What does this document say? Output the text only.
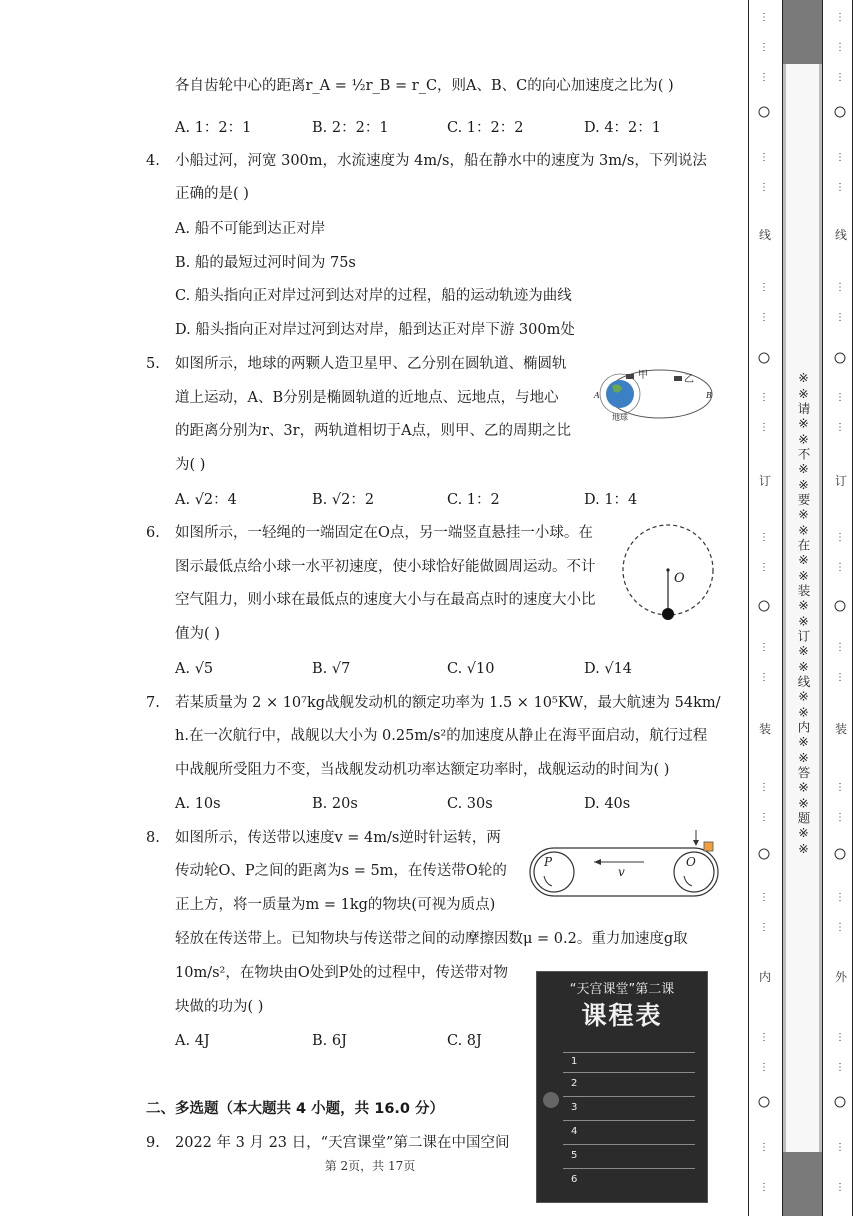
各自齿轮中心的距离r_A = ½r_B = r_C，则A、B、C的向心加速度之比为( )
A. 1：2：1	B. 2：2：1	C. 1：2：2	D. 4：2：1
4. 小船过河，河宽 300m，水流速度为 4m/s，船在静水中的速度为 3m/s，下列说法
正确的是( )
A. 船不可能到达正对岸
B. 船的最短过河时间为 75s
C. 船头指向正对岸过河到达对岸的过程，船的运动轨迹为曲线
D. 船头指向正对岸过河到达对岸，船到达正对岸下游 300m处
5. 如图所示，地球的两颗人造卫星甲、乙分别在圆轨道、椭圆轨
道上运动，A、B分别是椭圆轨道的近地点、远地点，与地心
的距离分别为r、3r，两轨道相切于A点，则甲、乙的周期之比
为( )
A. √2：4	B. √2：2	C. 1：2	D. 1：4
甲	乙
地球
A	B
6. 如图所示，一轻绳的一端固定在O点，另一端竖直悬挂一小球。在
图示最低点给小球一水平初速度，使小球恰好能做圆周运动。不计
空气阻力，则小球在最低点的速度大小与在最高点时的速度大小比
值为( )
A. √5	B. √7	C. √10	D. √14
O
7. 若某质量为 2 × 10⁷kg战舰发动机的额定功率为 1.5 × 10⁵KW，最大航速为 54km/
h.在一次航行中，战舰以大小为 0.25m/s²的加速度从静止在海平面启动，航行过程
中战舰所受阻力不变，当战舰发动机功率达额定功率时，战舰运动的时间为( )
A. 10s	B. 20s	C. 30s	D. 40s
8. 如图所示，传送带以速度v = 4m/s逆时针运转，两
传动轮O、P之间的距离为s = 5m，在传送带O轮的
正上方，将一质量为m = 1kg的物块(可视为质点)
轻放在传送带上。已知物块与传送带之间的动摩擦因数μ = 0.2。重力加速度g取
10m/s²，在物块由O处到P处的过程中，传送带对物
块做的功为( )
A. 4J	B. 6J	C. 8J
P	O
v
二、多选题（本大题共 4 小题，共 16.0 分）
9. 2022 年 3 月 23 日，“天宫课堂”第二课在中国空间
“天宫课堂”第二课
课程表
1
2
3
4
5
6
第 2页，共 17页
※※请※※不※※要※※在※※装※※订※※线※※内※※答※※题※※
⋮
⋮
⋮
⋮
⋮
⋮
⋮
⋮
⋮
⋮
⋮
⋮
⋮
⋮
⋮
⋮
⋮
⋮
⋮
⋮
⋮
线
订
装
内
⋮
⋮
⋮
⋮
⋮
⋮
⋮
⋮
⋮
⋮
⋮
⋮
⋮
⋮
⋮
⋮
⋮
⋮
⋮
⋮
⋮
线
订
装
外
